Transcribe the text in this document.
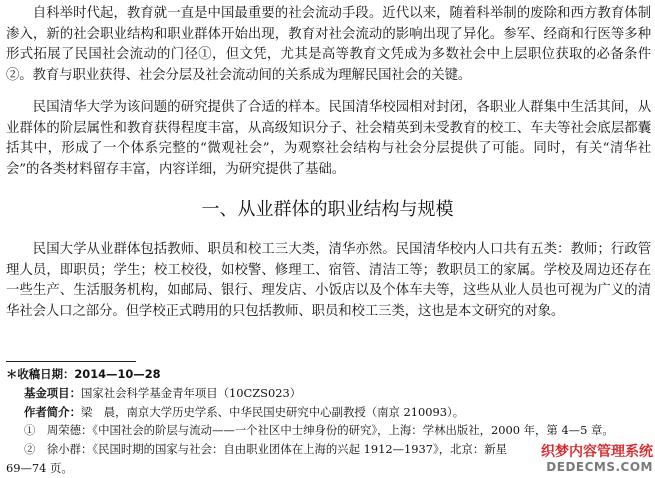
自科举时代起，教育就一直是中国最重要的社会流动手段。近代以来，随着科举制的废除和西方教育体制渗入，新的社会职业结构和职业群体开始出现，教育对社会流动的影响出现了异化。参军、经商和行医等多种形式拓展了民国社会流动的门径①，但文凭，尤其是高等教育文凭成为多数社会中上层职位获取的必备条件②。教育与职业获得、社会分层及社会流动间的关系成为理解民国社会的关键。

民国清华大学为该问题的研究提供了合适的样本。民国清华校园相对封闭，各职业人群集中生活其间，从业群体的阶层属性和教育获得程度丰富，从高级知识分子、社会精英到未受教育的校工、车夫等社会底层都囊括其中，形成了一个体系完整的“微观社会”，为观察社会结构与社会分层提供了可能。同时，有关“清华社会”的各类材料留存丰富，内容详细，为研究提供了基础。

一、从业群体的职业结构与规模

民国大学从业群体包括教师、职员和校工三大类，清华亦然。民国清华校内人口共有五类：教师；行政管理人员，即职员；学生；校工校役，如校警、修理工、宿管、清洁工等；教职员工的家属。学校及周边还存在一些生产、生活服务机构，如邮局、银行、理发店、小饭店以及个体车夫等，这些从业人员也可视为广义的清华社会人口之部分。但学校正式聘用的只包括教师、职员和校工三类，这也是本文研究的对象。

＊收稿日期：2014—10—28

基金项目：国家社会科学基金青年项目（10CZS023）

作者简介：梁　晨，南京大学历史学系、中华民国史研究中心副教授（南京 210093）。

①　 周荣德：《中国社会的阶层与流动——一个社区中士绅身份的研究》，上海：学林出版社，2000 年，第 4—5 章。

②　 徐小群：《民国时期的国家与社会：自由职业团体在上海的兴起 1912—1937》，北京：新星

69—74 页。

织梦内容管理系统
DEDECMS.COM
